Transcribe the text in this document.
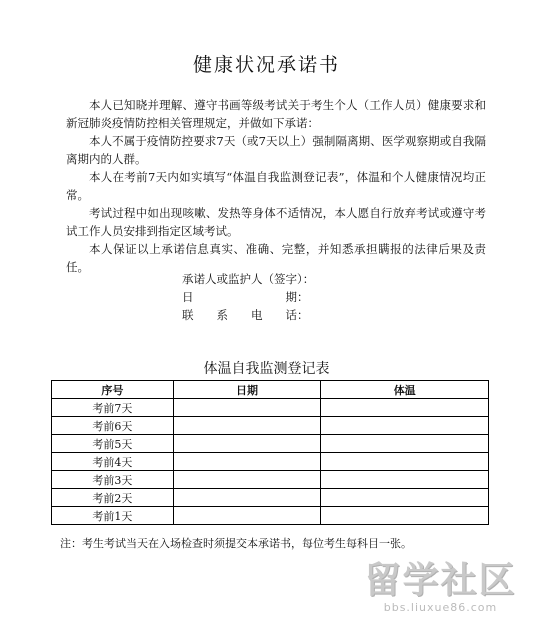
健康状况承诺书

本人已知晓并理解、遵守书画等级考试关于考生个人（工作人员）健康要求和新冠肺炎疫情防控相关管理规定，并做如下承诺：

本人不属于疫情防控要求7天（或7天以上）强制隔离期、医学观察期或自我隔离期内的人群。

本人在考前7天内如实填写“体温自我监测登记表”，体温和个人健康情况均正常。

考试过程中如出现咳嗽、发热等身体不适情况，本人愿自行放弃考试或遵守考试工作人员安排到指定区域考试。

本人保证以上承诺信息真实、准确、完整，并知悉承担瞒报的法律后果及责任。

承诺人或监护人（签字）：
日　　　　　　　　期：
联　　系　　电　　话：
体温自我监测登记表
序号	日期	体温
考前7天		
考前6天		
考前5天		
考前4天		
考前3天		
考前2天		
考前1天		
注：考生考试当天在入场检查时须提交本承诺书，每位考生每科目一张。
留学社区
bbs.liuxue86.com
